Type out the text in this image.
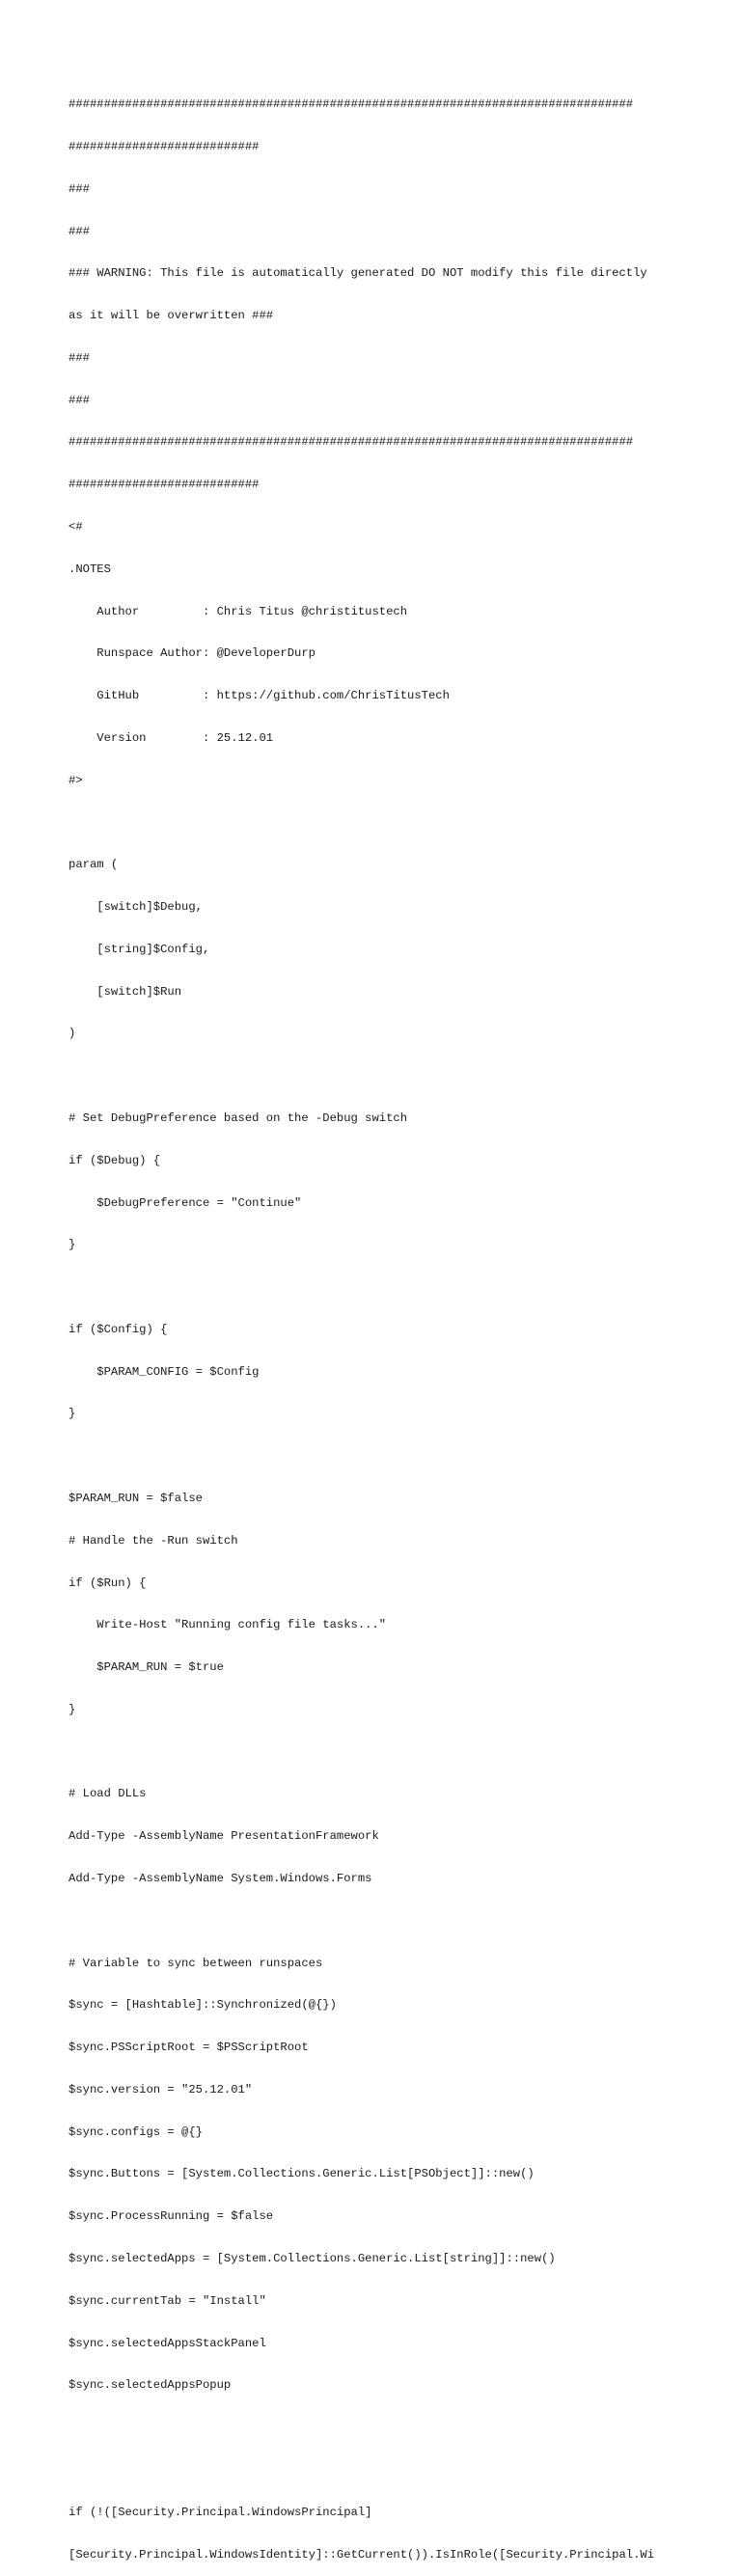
################################################################################

###########################

###

###

### WARNING: This file is automatically generated DO NOT modify this file directly

as it will be overwritten ###

###

###

################################################################################

###########################

<#

.NOTES

Author         : Chris Titus @christitustech

Runspace Author: @DeveloperDurp

GitHub         : https://github.com/ChrisTitusTech

Version        : 25.12.01

#>

param (

[switch]$Debug,

[string]$Config,

[switch]$Run

)

# Set DebugPreference based on the -Debug switch

if ($Debug) {

$DebugPreference = "Continue"

}

if ($Config) {

$PARAM_CONFIG = $Config

}

$PARAM_RUN = $false

# Handle the -Run switch

if ($Run) {

Write-Host "Running config file tasks..."

$PARAM_RUN = $true

}

# Load DLLs

Add-Type -AssemblyName PresentationFramework

Add-Type -AssemblyName System.Windows.Forms

# Variable to sync between runspaces

$sync = [Hashtable]::Synchronized(@{})

$sync.PSScriptRoot = $PSScriptRoot

$sync.version = "25.12.01"

$sync.configs = @{}

$sync.Buttons = [System.Collections.Generic.List[PSObject]]::new()

$sync.ProcessRunning = $false

$sync.selectedApps = [System.Collections.Generic.List[string]]::new()

$sync.currentTab = "Install"

$sync.selectedAppsStackPanel

$sync.selectedAppsPopup

if (!([Security.Principal.WindowsPrincipal]

[Security.Principal.WindowsIdentity]::GetCurrent()).IsInRole([Security.Principal.Wi
